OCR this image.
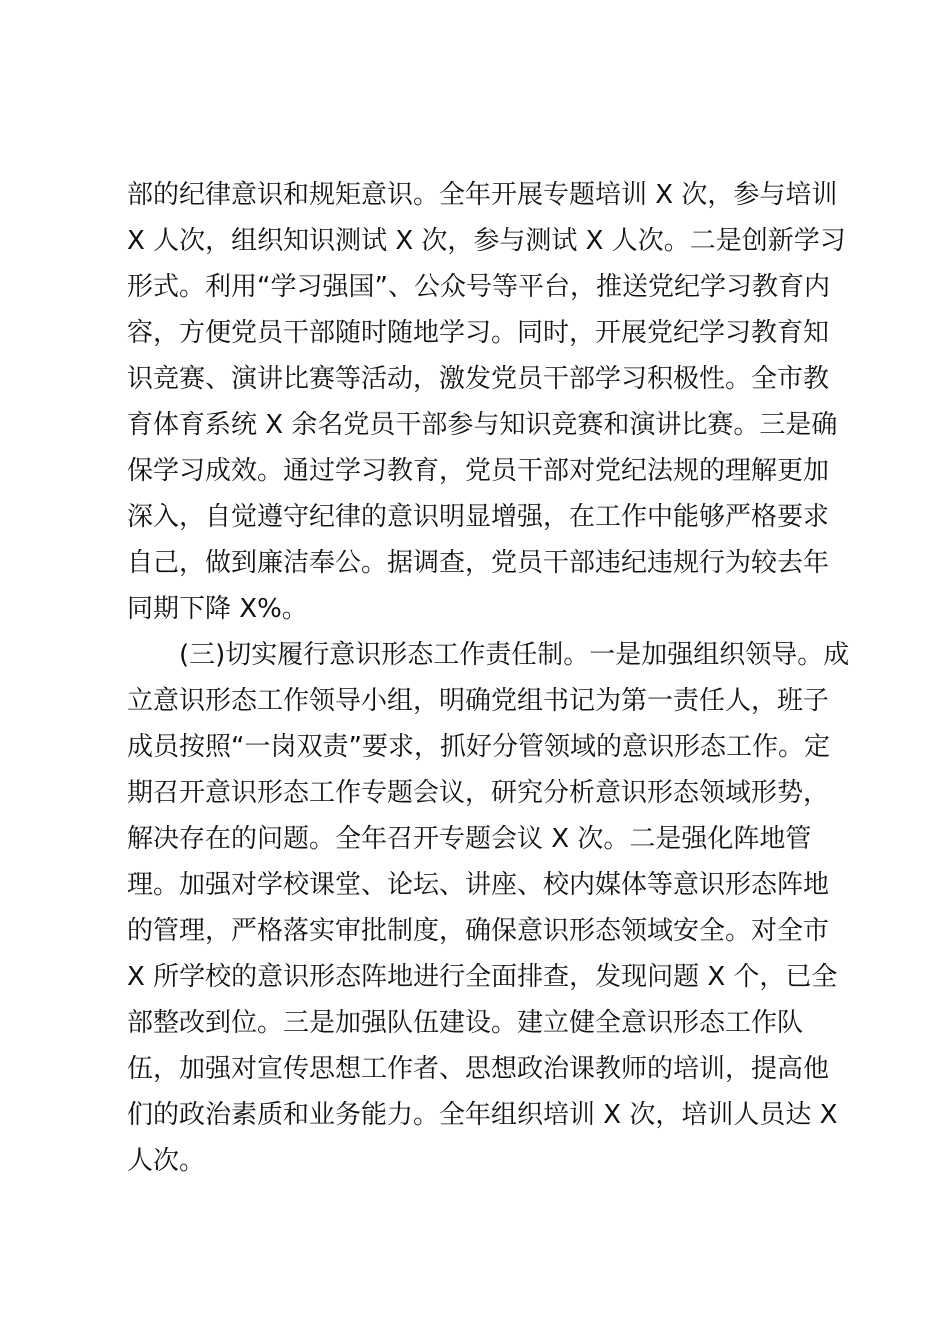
部的纪律意识和规矩意识。全年开展专题培训 X 次，参与培训
X 人次，组织知识测试 X 次，参与测试 X 人次。二是创新学习
形式。利用“学习强国”、公众号等平台，推送党纪学习教育内
容，方便党员干部随时随地学习。同时，开展党纪学习教育知
识竞赛、演讲比赛等活动，激发党员干部学习积极性。全市教
育体育系统 X 余名党员干部参与知识竞赛和演讲比赛。三是确
保学习成效。通过学习教育，党员干部对党纪法规的理解更加
深入，自觉遵守纪律的意识明显增强，在工作中能够严格要求
自己，做到廉洁奉公。据调查，党员干部违纪违规行为较去年
同期下降 X%。
(三)切实履行意识形态工作责任制。一是加强组织领导。成
立意识形态工作领导小组，明确党组书记为第一责任人，班子
成员按照“一岗双责”要求，抓好分管领域的意识形态工作。定
期召开意识形态工作专题会议，研究分析意识形态领域形势，
解决存在的问题。全年召开专题会议 X 次。二是强化阵地管
理。加强对学校课堂、论坛、讲座、校内媒体等意识形态阵地
的管理，严格落实审批制度，确保意识形态领域安全。对全市
X 所学校的意识形态阵地进行全面排查，发现问题 X 个，已全
部整改到位。三是加强队伍建设。建立健全意识形态工作队
伍，加强对宣传思想工作者、思想政治课教师的培训，提高他
们的政治素质和业务能力。全年组织培训 X 次，培训人员达 X
人次。
